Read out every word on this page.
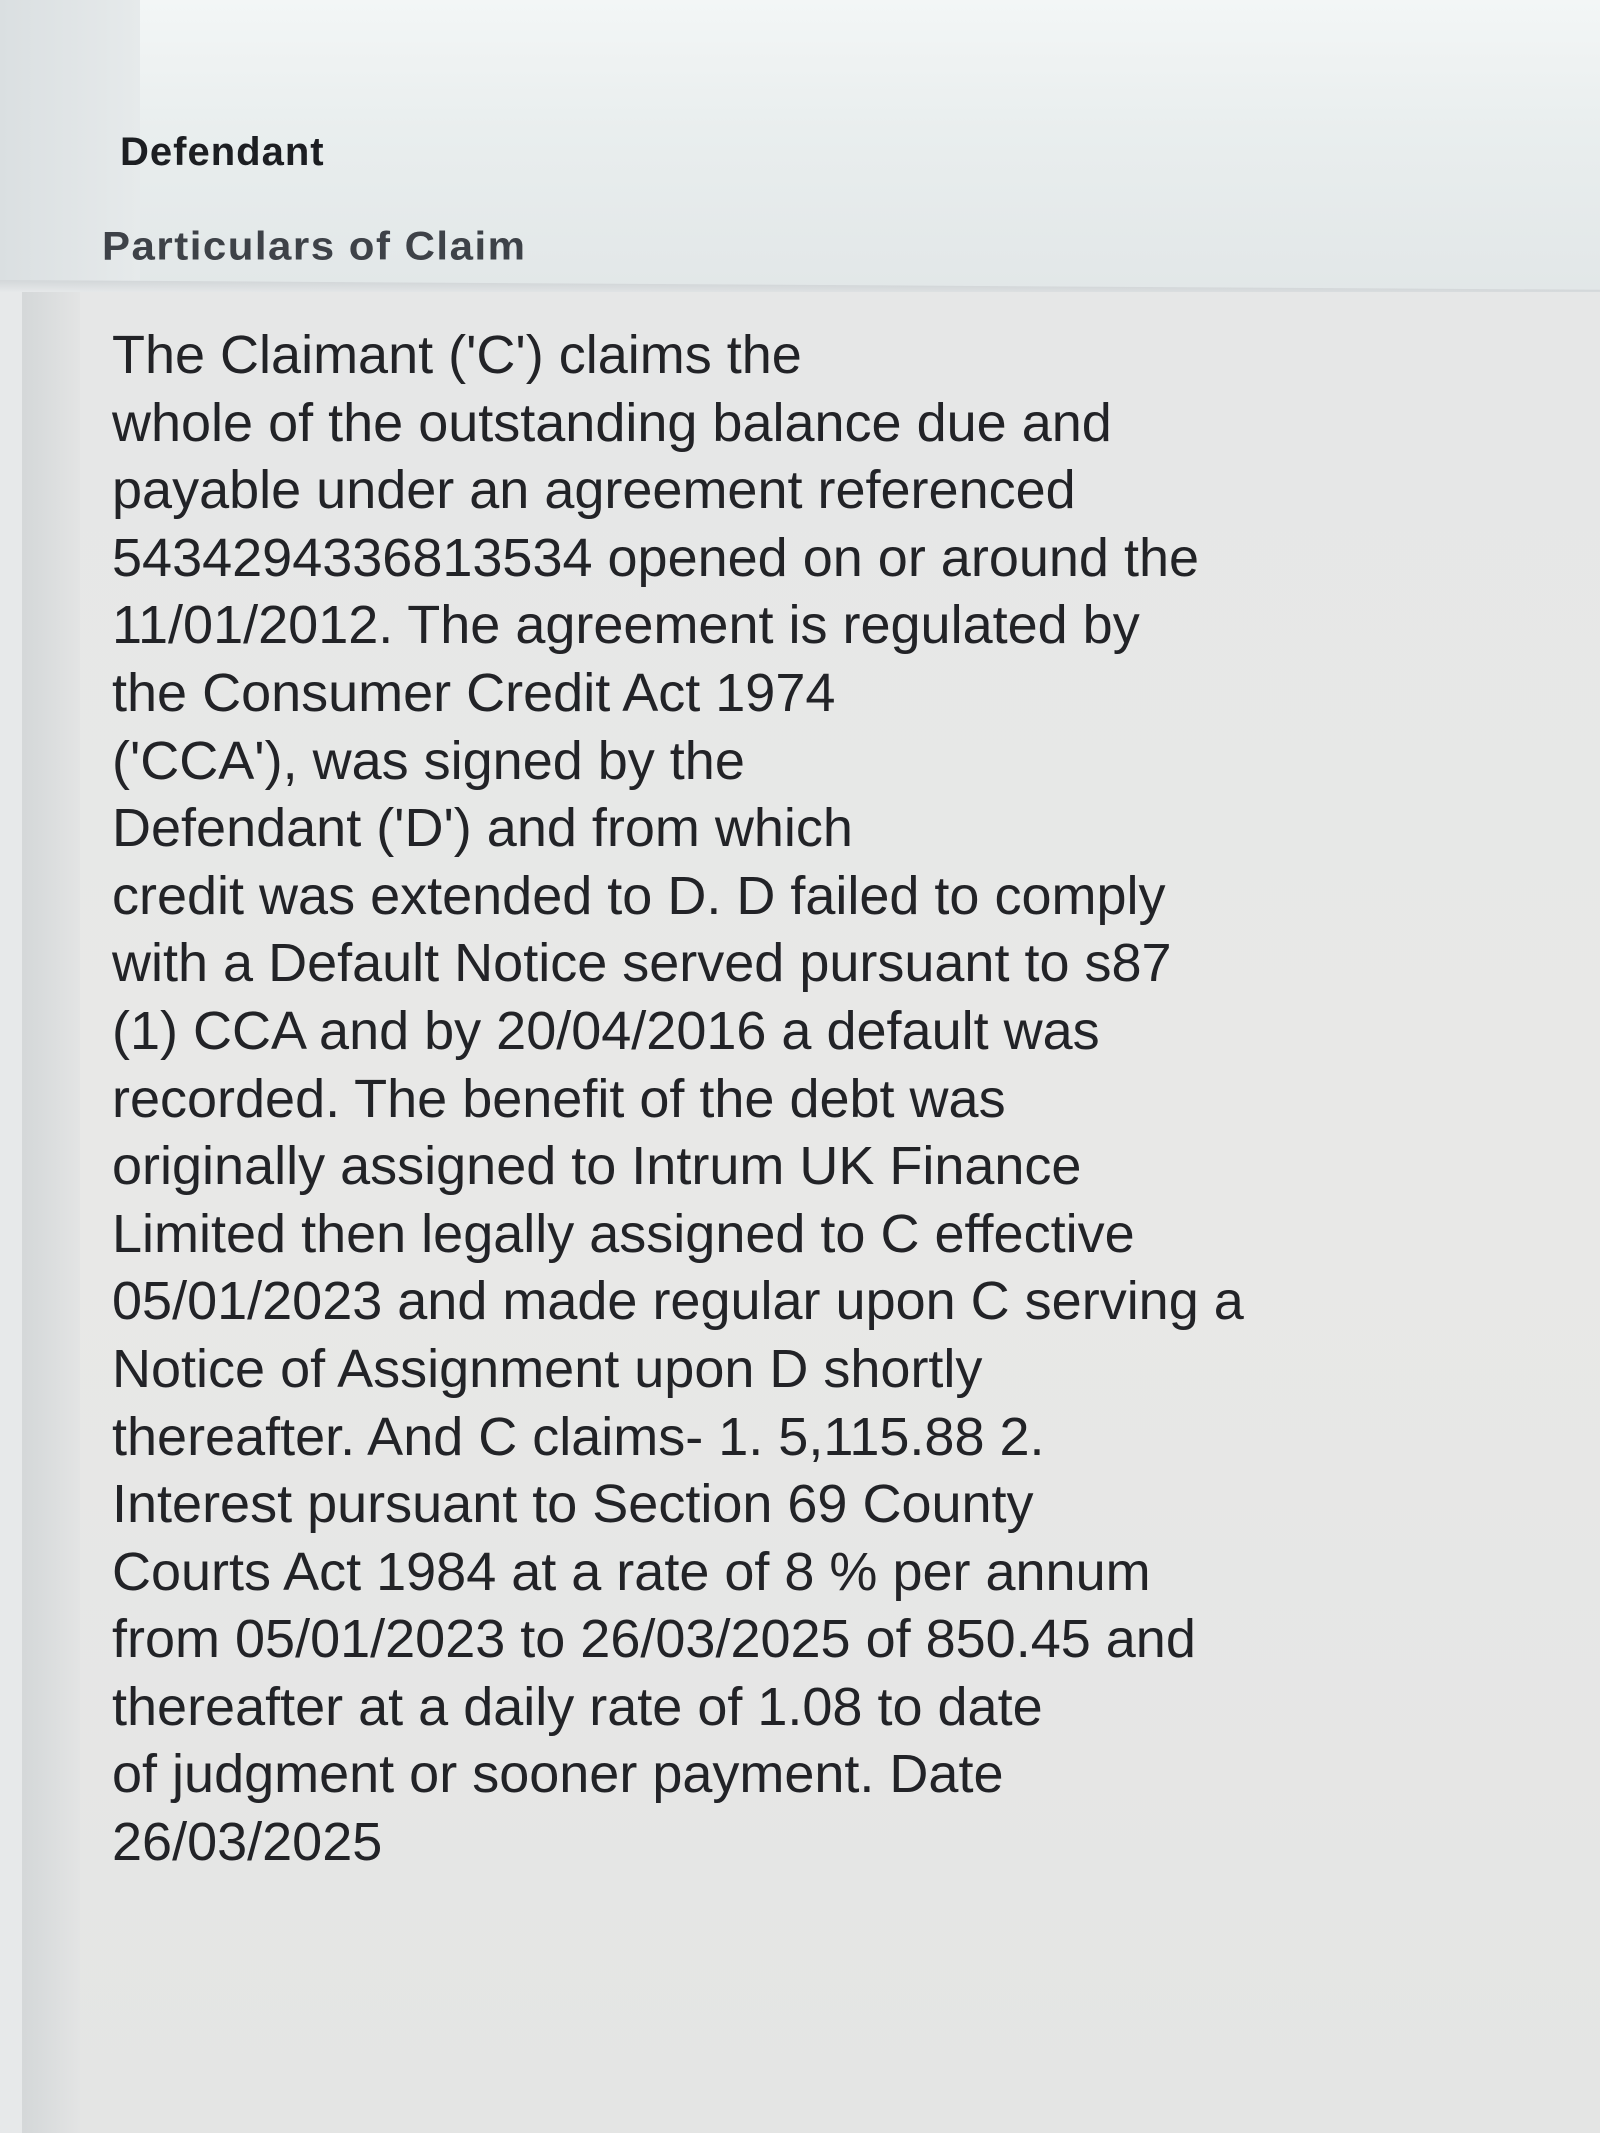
Defendant
Particulars of Claim
The Claimant ('C') claims the
whole of the outstanding balance due and
payable under an agreement referenced
5434294336813534 opened on or around the
11/01/2012. The agreement is regulated by
the Consumer Credit Act 1974
('CCA'), was signed by the
Defendant ('D') and from which
credit was extended to D. D failed to comply
with a Default Notice served pursuant to s87
(1) CCA and by 20/04/2016 a default was
recorded. The benefit of the debt was
originally assigned to Intrum UK Finance
Limited then legally assigned to C effective
05/01/2023 and made regular upon C serving a
Notice of Assignment upon D shortly
thereafter. And C claims- 1. 5,115.88 2.
Interest pursuant to Section 69 County
Courts Act 1984 at a rate of 8 % per annum
from 05/01/2023 to 26/03/2025 of 850.45 and
thereafter at a daily rate of 1.08 to date
of judgment or sooner payment. Date
26/03/2025
